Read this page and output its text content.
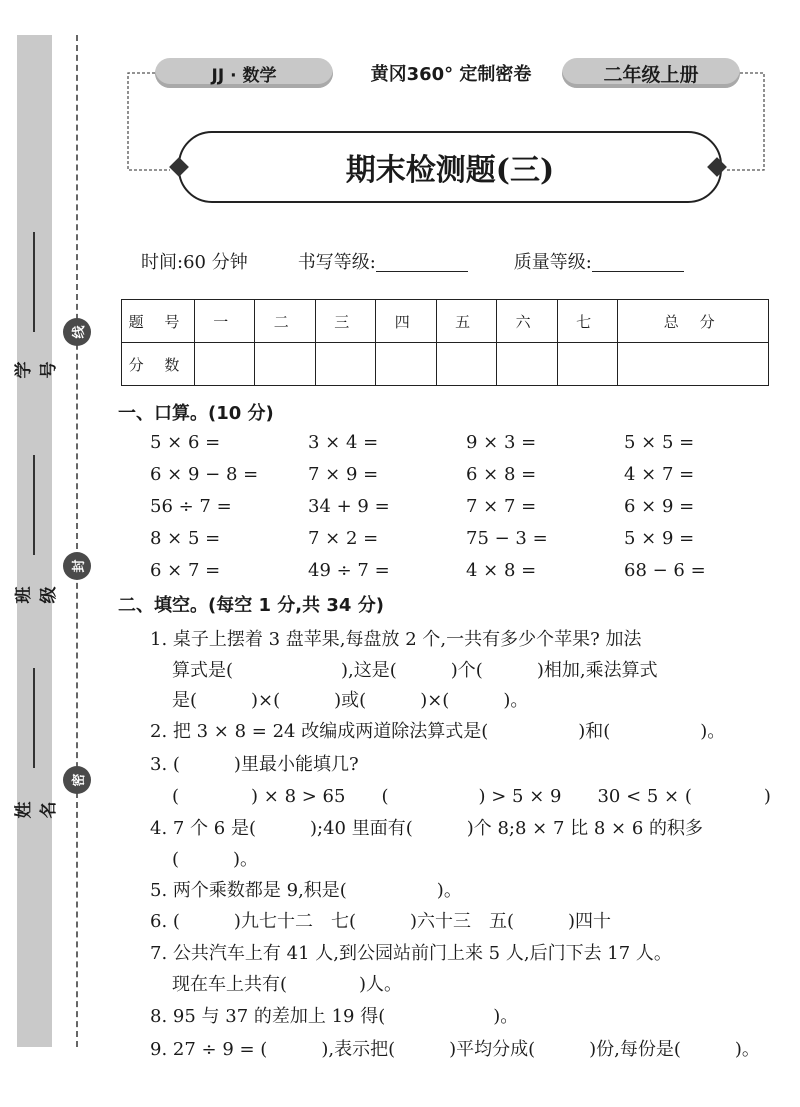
学号
班级
姓名
线
封
密
JJ · 数学	黄冈360° 定制密卷	二年级上册
期末检测题(三)
时间:60 分钟	书写等级:	质量等级:
题 号	一	二	三	四	五	六	七	总 分
分 数								
一、口算。(10 分)
5 × 6 =	3 × 4 =	9 × 3 =	5 × 5 =
6 × 9 − 8 =	7 × 9 =	6 × 8 =	4 × 7 =
56 ÷ 7 =	34 + 9 =	7 × 7 =	6 × 9 =
8 × 5 =	7 × 2 =	75 − 3 =	5 × 9 =
6 × 7 =	49 ÷ 7 =	4 × 8 =	68 − 6 =
二、填空。(每空 1 分,共 34 分)
1. 桌子上摆着 3 盘苹果,每盘放 2 个,一共有多少个苹果? 加法
算式是(　　　　　　),这是(　　　)个(　　　)相加,乘法算式
是(　　　)×(　　　)或(　　　)×(　　　)。
2. 把 3 × 8 = 24 改编成两道除法算式是(　　　　　)和(　　　　　)。
3. (　　　)里最小能填几?
(　　　　) × 8 > 65　　(　　　　　) > 5 × 9　　30 < 5 × (　　　　)
4. 7 个 6 是(　　　);40 里面有(　　　)个 8;8 × 7 比 8 × 6 的积多
(　　　)。
5. 两个乘数都是 9,积是(　　　　　)。
6. (　　　)九七十二　七(　　　)六十三　五(　　　)四十
7. 公共汽车上有 41 人,到公园站前门上来 5 人,后门下去 17 人。
现在车上共有(　　　　)人。
8. 95 与 37 的差加上 19 得(　　　　　　)。
9. 27 ÷ 9 = (　　　),表示把(　　　)平均分成(　　　)份,每份是(　　　)。
